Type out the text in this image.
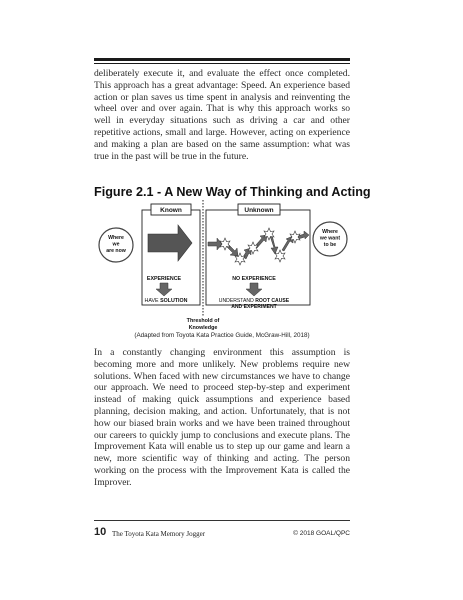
deliberately execute it, and evaluate the effect once completed. This approach has a great advantage: Speed. An experience based action or plan saves us time spent in analysis and reinventing the wheel over and over again. That is why this approach works so well in everyday situations such as driving a car and other repetitive actions, small and large. However, acting on experience and making a plan are based on the same assumption: what was true in the past will be true in the future.

Figure 2.1 - A New Way of Thinking and Acting
Known	Unknown
Where
we
are now
Where
we want
to be
EXPERIENCE
HAVE SOLUTION
NO EXPERIENCE
UNDERSTAND ROOT CAUSE
AND EXPERIMENT
Threshold of
Knowledge
(Adapted from Toyota Kata Practice Guide, McGraw-Hill, 2018)

In a constantly changing environment this assumption is becoming more and more unlikely. New problems require new solutions. When faced with new circumstances we have to change our approach. We need to proceed step-by-step and experiment instead of making quick assumptions and experience based planning, decision making, and action. Unfortunately, that is not how our biased brain works and we have been trained throughout our careers to quickly jump to conclusions and execute plans. The Improvement Kata will enable us to step up our game and learn a new, more scientific way of thinking and acting. The person working on the process with the Improvement Kata is called the Improver.

10 The Toyota Kata Memory Jogger	© 2018 GOAL/QPC
